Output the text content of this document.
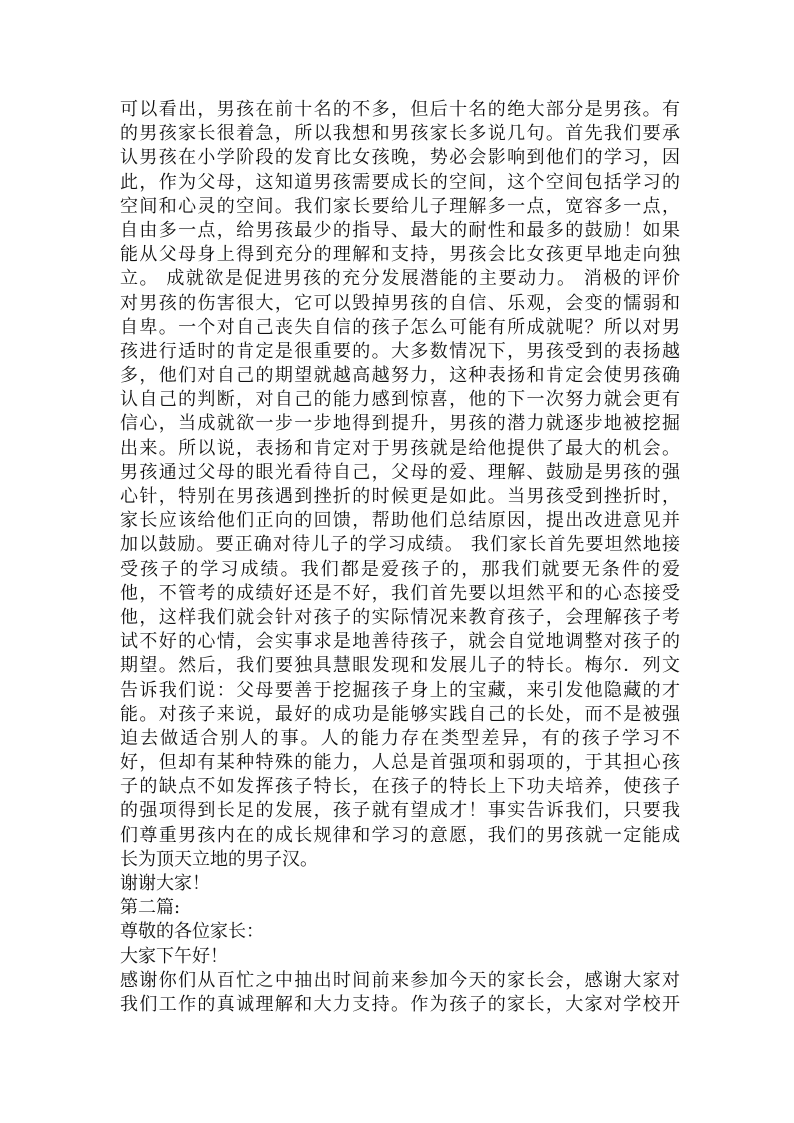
可以看出，男孩在前十名的不多，但后十名的绝大部分是男孩。有
的男孩家长很着急，所以我想和男孩家长多说几句。首先我们要承
认男孩在小学阶段的发育比女孩晚，势必会影响到他们的学习，因
此，作为父母，这知道男孩需要成长的空间，这个空间包括学习的
空间和心灵的空间。我们家长要给儿子理解多一点，宽容多一点，
自由多一点，给男孩最少的指导、最大的耐性和最多的鼓励！如果
能从父母身上得到充分的理解和支持，男孩会比女孩更早地走向独
立。 成就欲是促进男孩的充分发展潜能的主要动力。 消极的评价
对男孩的伤害很大，它可以毁掉男孩的自信、乐观，会变的懦弱和
自卑。一个对自己丧失自信的孩子怎么可能有所成就呢？所以对男
孩进行适时的肯定是很重要的。大多数情况下，男孩受到的表扬越
多，他们对自己的期望就越高越努力，这种表扬和肯定会使男孩确
认自己的判断，对自己的能力感到惊喜，他的下一次努力就会更有
信心，当成就欲一步一步地得到提升，男孩的潜力就逐步地被挖掘
出来。所以说，表扬和肯定对于男孩就是给他提供了最大的机会。
男孩通过父母的眼光看待自己，父母的爱、理解、鼓励是男孩的强
心针，特别在男孩遇到挫折的时候更是如此。当男孩受到挫折时，
家长应该给他们正向的回馈，帮助他们总结原因，提出改进意见并
加以鼓励。要正确对待儿子的学习成绩。 我们家长首先要坦然地接
受孩子的学习成绩。我们都是爱孩子的，那我们就要无条件的爱
他，不管考的成绩好还是不好，我们首先要以坦然平和的心态接受
他，这样我们就会针对孩子的实际情况来教育孩子，会理解孩子考
试不好的心情，会实事求是地善待孩子，就会自觉地调整对孩子的
期望。然后，我们要独具慧眼发现和发展儿子的特长。梅尔．列文
告诉我们说：父母要善于挖掘孩子身上的宝藏，来引发他隐藏的才
能。对孩子来说，最好的成功是能够实践自己的长处，而不是被强
迫去做适合别人的事。人的能力存在类型差异，有的孩子学习不
好，但却有某种特殊的能力，人总是首强项和弱项的，于其担心孩
子的缺点不如发挥孩子特长，在孩子的特长上下功夫培养，使孩子
的强项得到长足的发展，孩子就有望成才！事实告诉我们，只要我
们尊重男孩内在的成长规律和学习的意愿，我们的男孩就一定能成
长为顶天立地的男子汉。
谢谢大家！
第二篇:
尊敬的各位家长：
大家下午好！
感谢你们从百忙之中抽出时间前来参加今天的家长会，感谢大家对
我们工作的真诚理解和大力支持。作为孩子的家长，大家对学校开
